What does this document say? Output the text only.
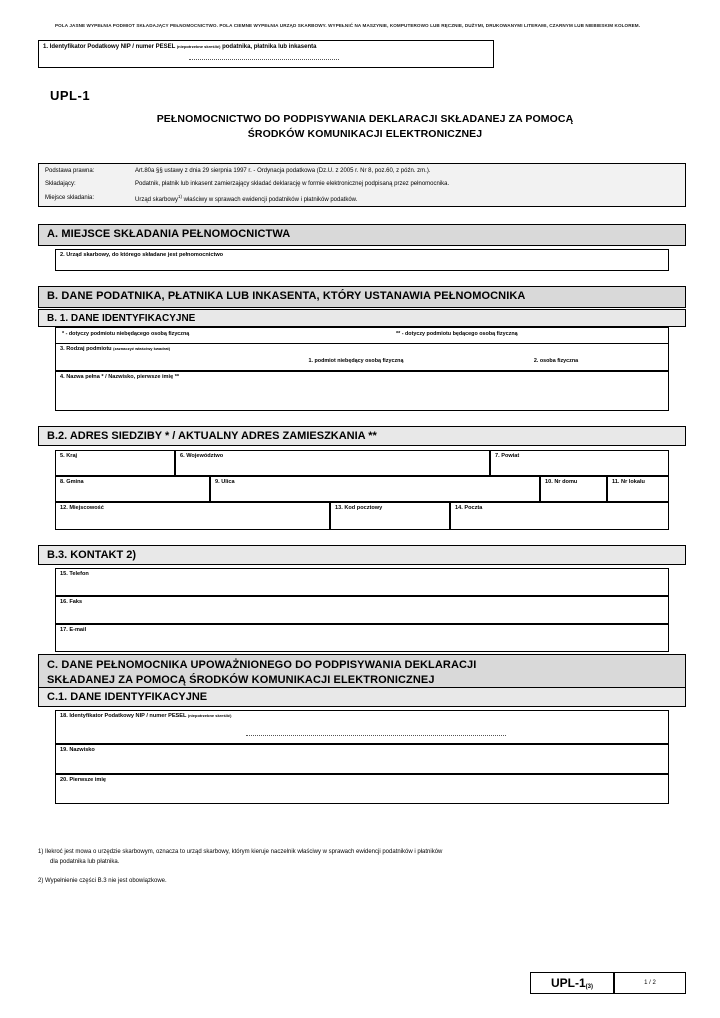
POLA JASNE WYPEŁNIA PODMIOT SKŁADAJĄCY PEŁNOMOCNICTWO. POLA CIEMNE WYPEŁNIA URZĄD SKARBOWY. WYPEŁNIĆ NA MASZYNIE, KOMPUTEROWO LUB RĘCZNIE, DUŻYMI, DRUKOWANYMI LITERAMI, CZARNYM LUB NIEBIESKIM KOLOREM.
1. Identyfikator Podatkowy NIP / numer PESEL (niepotrzebne skreślić) podatnika, płatnika lub inkasenta
UPL-1
PEŁNOMOCNICTWO DO PODPISYWANIA DEKLARACJI SKŁADANEJ ZA POMOCĄ
ŚRODKÓW KOMUNIKACJI ELEKTRONICZNEJ
Podstawa prawna:	Art.80a §§ ustawy z dnia 29 sierpnia 1997 r. - Ordynacja podatkowa (Dz.U. z 2005 r. Nr 8, poz.60, z późn. zm.).
Składający:	Podatnik, płatnik lub inkasent zamierzający składać deklarację w formie elektronicznej podpisaną przez pełnomocnika.
Miejsce składania:	Urząd skarbowy$^{1)}$ właściwy w sprawach ewidencji podatników i płatników podatków.
A. MIEJSCE SKŁADANIA PEŁNOMOCNICTWA
2. Urząd skarbowy, do którego składane jest pełnomocnictwo
B. DANE PODATNIKA, PŁATNIKA LUB INKASENTA, KTÓRY USTANAWIA PEŁNOMOCNIKA
B. 1. DANE IDENTYFIKACYJNE
* - dotyczy podmiotu niebędącego osobą fizyczną	** - dotyczy podmiotu będącego osobą fizyczną
3. Rodzaj podmiotu (zaznaczyć właściwy kwadrat)
1. podmiot niebędący osobą fizyczną	2. osoba fizyczna
4. Nazwa pełna * / Nazwisko, pierwsze imię **
B.2. ADRES SIEDZIBY * / AKTUALNY ADRES ZAMIESZKANIA **
5. Kraj	6. Województwo	7. Powiat
8. Gmina	9. Ulica	10. Nr domu	11. Nr lokalu
12. Miejscowość	13. Kod pocztowy	14. Poczta
B.3. KONTAKT 2)
15. Telefon
16. Faks
17. E-mail
C. DANE PEŁNOMOCNIKA UPOWAŻNIONEGO DO PODPISYWANIA DEKLARACJI
SKŁADANEJ ZA POMOCĄ ŚRODKÓW KOMUNIKACJI ELEKTRONICZNEJ
C.1. DANE IDENTYFIKACYJNE
18. Identyfikator Podatkowy NIP / numer PESEL (niepotrzebne skreślić)
19. Nazwisko
20. Pierwsze imię

1) Ilekroć jest mowa o urzędzie skarbowym, oznacza to urząd skarbowy, którym kieruje naczelnik właściwy w sprawach ewidencji podatników i płatników
dla podatnika lub płatnika.

2) Wypełnienie części B.3 nie jest obowiązkowe.

UPL-1 (3)
1 / 2
